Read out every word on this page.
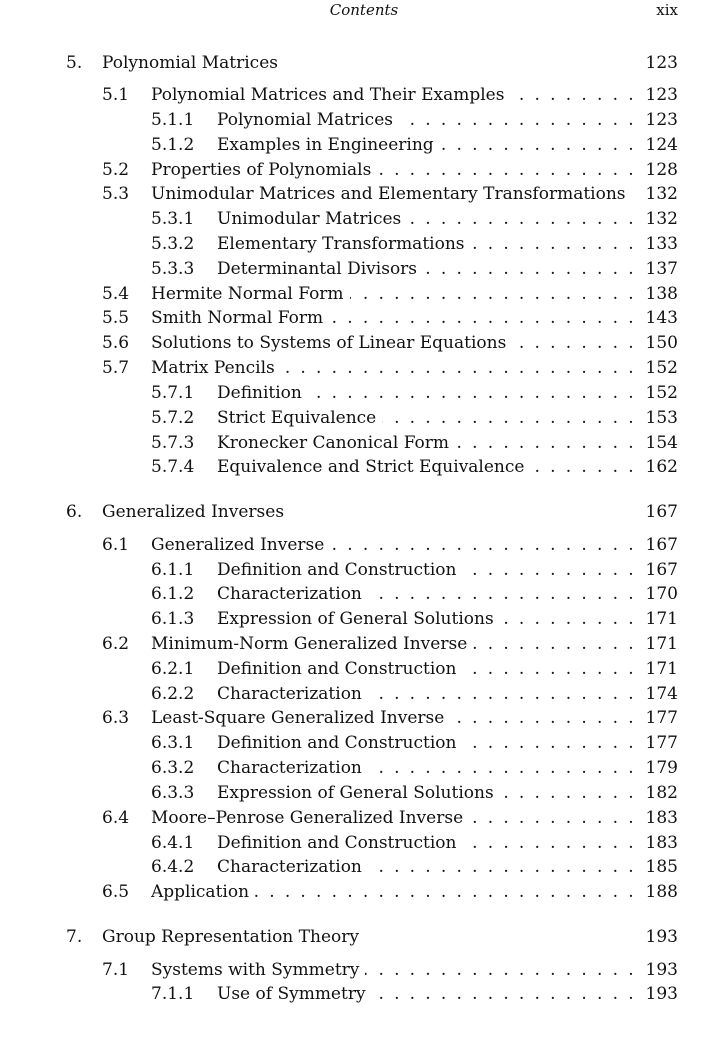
Contents	xix
5. Polynomial Matrices	123
5.1 Polynomial Matrices and Their Examples . . .	123
5.1.1 Polynomial Matrices . . .	123
5.1.2 Examples in Engineering . . .	124
5.2 Properties of Polynomials . . .	128
5.3 Unimodular Matrices and Elementary Transformations . . .	132
5.3.1 Unimodular Matrices . . .	132
5.3.2 Elementary Transformations . . .	133
5.3.3 Determinantal Divisors . . .	137
5.4 Hermite Normal Form . . .	138
5.5 Smith Normal Form . . .	143
5.6 Solutions to Systems of Linear Equations . . .	150
5.7 Matrix Pencils . . .	152
5.7.1 Definition . . .	152
5.7.2 Strict Equivalence . . .	153
5.7.3 Kronecker Canonical Form . . .	154
5.7.4 Equivalence and Strict Equivalence . . .	162
6. Generalized Inverses	167
6.1 Generalized Inverse . . .	167
6.1.1 Definition and Construction . . .	167
6.1.2 Characterization . . .	170
6.1.3 Expression of General Solutions . . .	171
6.2 Minimum-Norm Generalized Inverse . . .	171
6.2.1 Definition and Construction . . .	171
6.2.2 Characterization . . .	174
6.3 Least-Square Generalized Inverse . . .	177
6.3.1 Definition and Construction . . .	177
6.3.2 Characterization . . .	179
6.3.3 Expression of General Solutions . . .	182
6.4 Moore–Penrose Generalized Inverse . . .	183
6.4.1 Definition and Construction . . .	183
6.4.2 Characterization . . .	185
6.5 Application . . .	188
7. Group Representation Theory	193
7.1 Systems with Symmetry . . .	193
7.1.1 Use of Symmetry . . .	193
